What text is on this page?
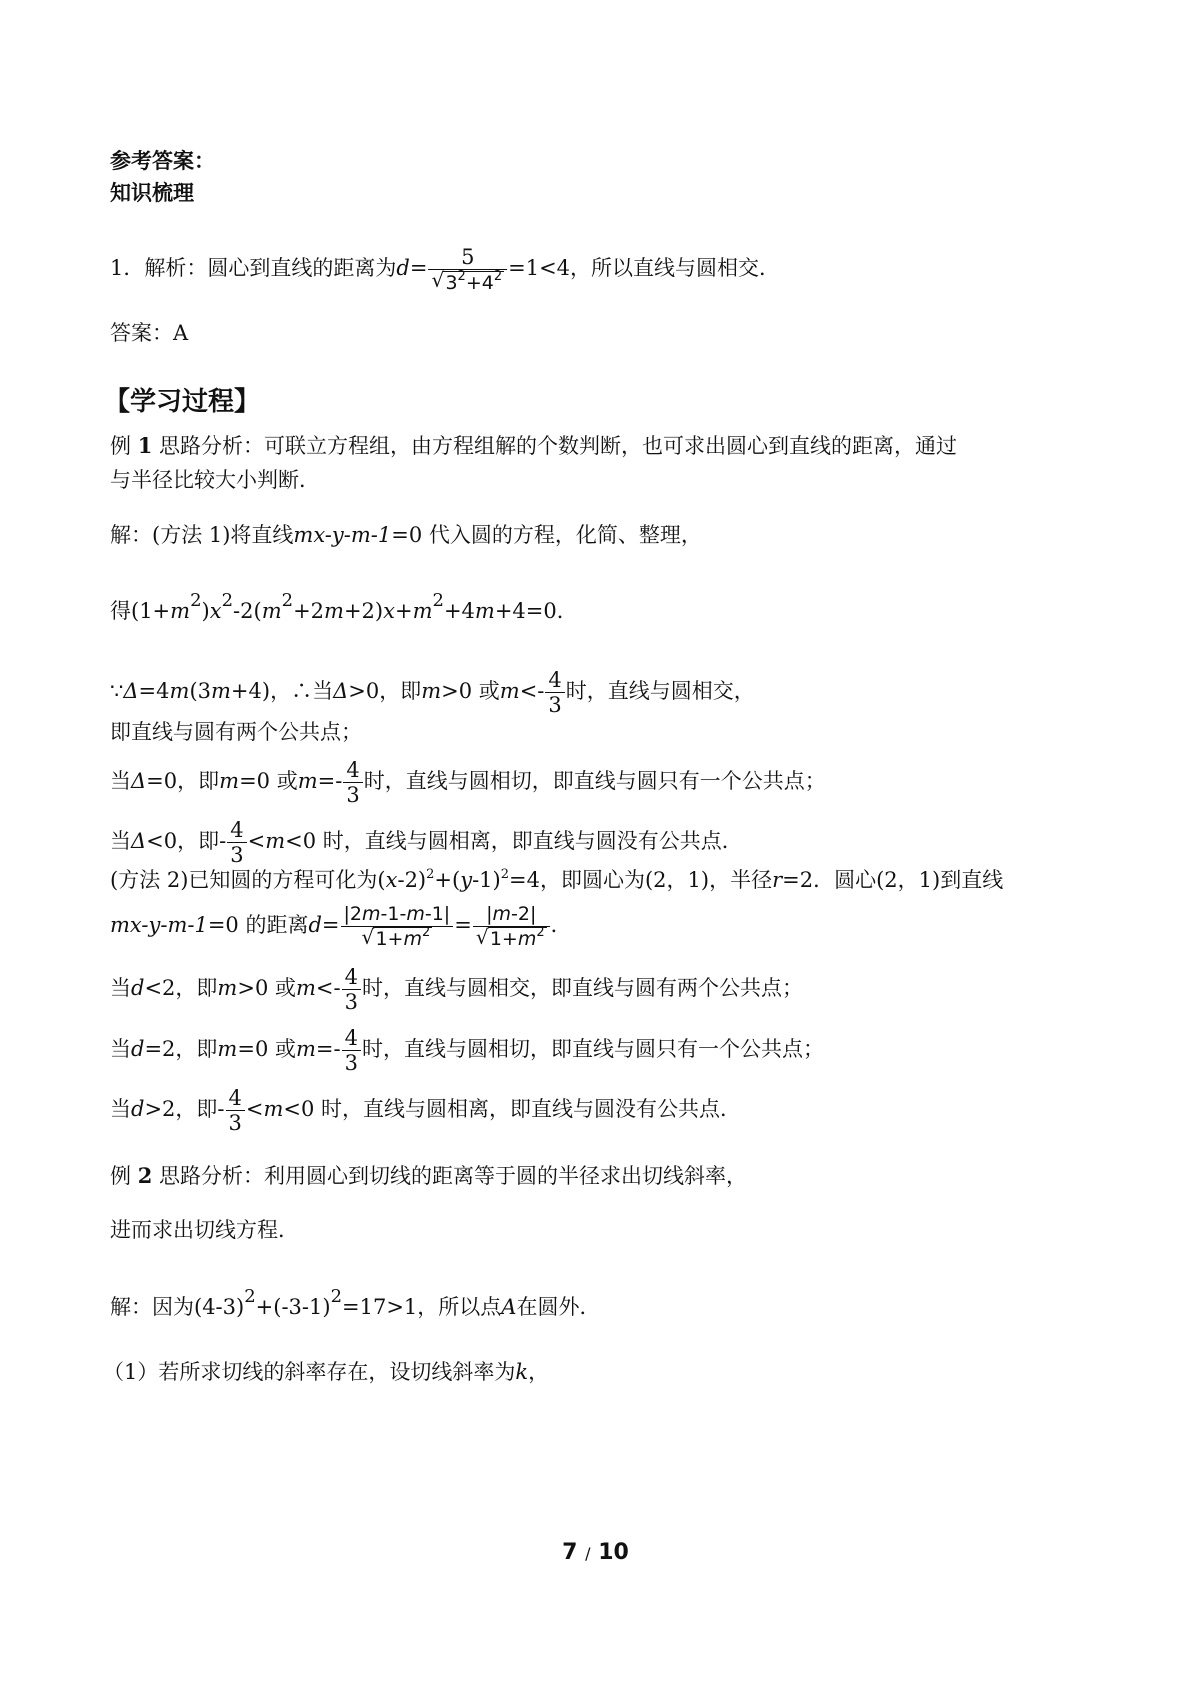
参考答案：
知识梳理
1．解析：圆心到直线的距离为d= 5
√ $3^2+4^2 =1<4$，所以直线与圆相交．
答案：A
【学习过程】
例 1 思路分析：可联立方程组，由方程组解的个数判断，也可求出圆心到直线的距离，通过
与半径比较大小判断．
解：(方法 1)将直线mx-y-m-1=0 代入圆的方程，化简、整理，
得(1+m2)x2-2(m2+2m+2)x+m2+4m+4=0．
∵Δ=4m(3m+4)，∴当Δ>0，即m>0 或$m<- \frac{4}{3}$ 时，直线与圆相交，
即直线与圆有两个公共点；
当Δ=0，即m=0 或$m=- \frac{4}{3}$ 时，直线与圆相切，即直线与圆只有一个公共点；
当Δ<0，即- $\frac{4}{3} <m<0$ 时，直线与圆相离，即直线与圆没有公共点．
(方法 2)已知圆的方程可化为$(x-2)^2+(y-1)^2=4$，即圆心为(2，1)，半径r=2．圆心(2，1)到直线
mx-y-m-1=0 的距离d= |2m-1-m-1|
√ $1+m^2 = |m-2|$
√ $1+m^2$ ．
当d<2，即m>0 或$m<- \frac{4}{3}$ 时，直线与圆相交，即直线与圆有两个公共点；
当d=2，即m=0 或$m=- \frac{4}{3}$ 时，直线与圆相切，即直线与圆只有一个公共点；
当d>2，即- $\frac{4}{3} <m<0$ 时，直线与圆相离，即直线与圆没有公共点．
例 2 思路分析：利用圆心到切线的距离等于圆的半径求出切线斜率，
进而求出切线方程．
解：因为(4-3)2+(-3-1)2=17>1，所以点A在圆外．
（1）若所求切线的斜率存在，设切线斜率为k，
7 / 10
